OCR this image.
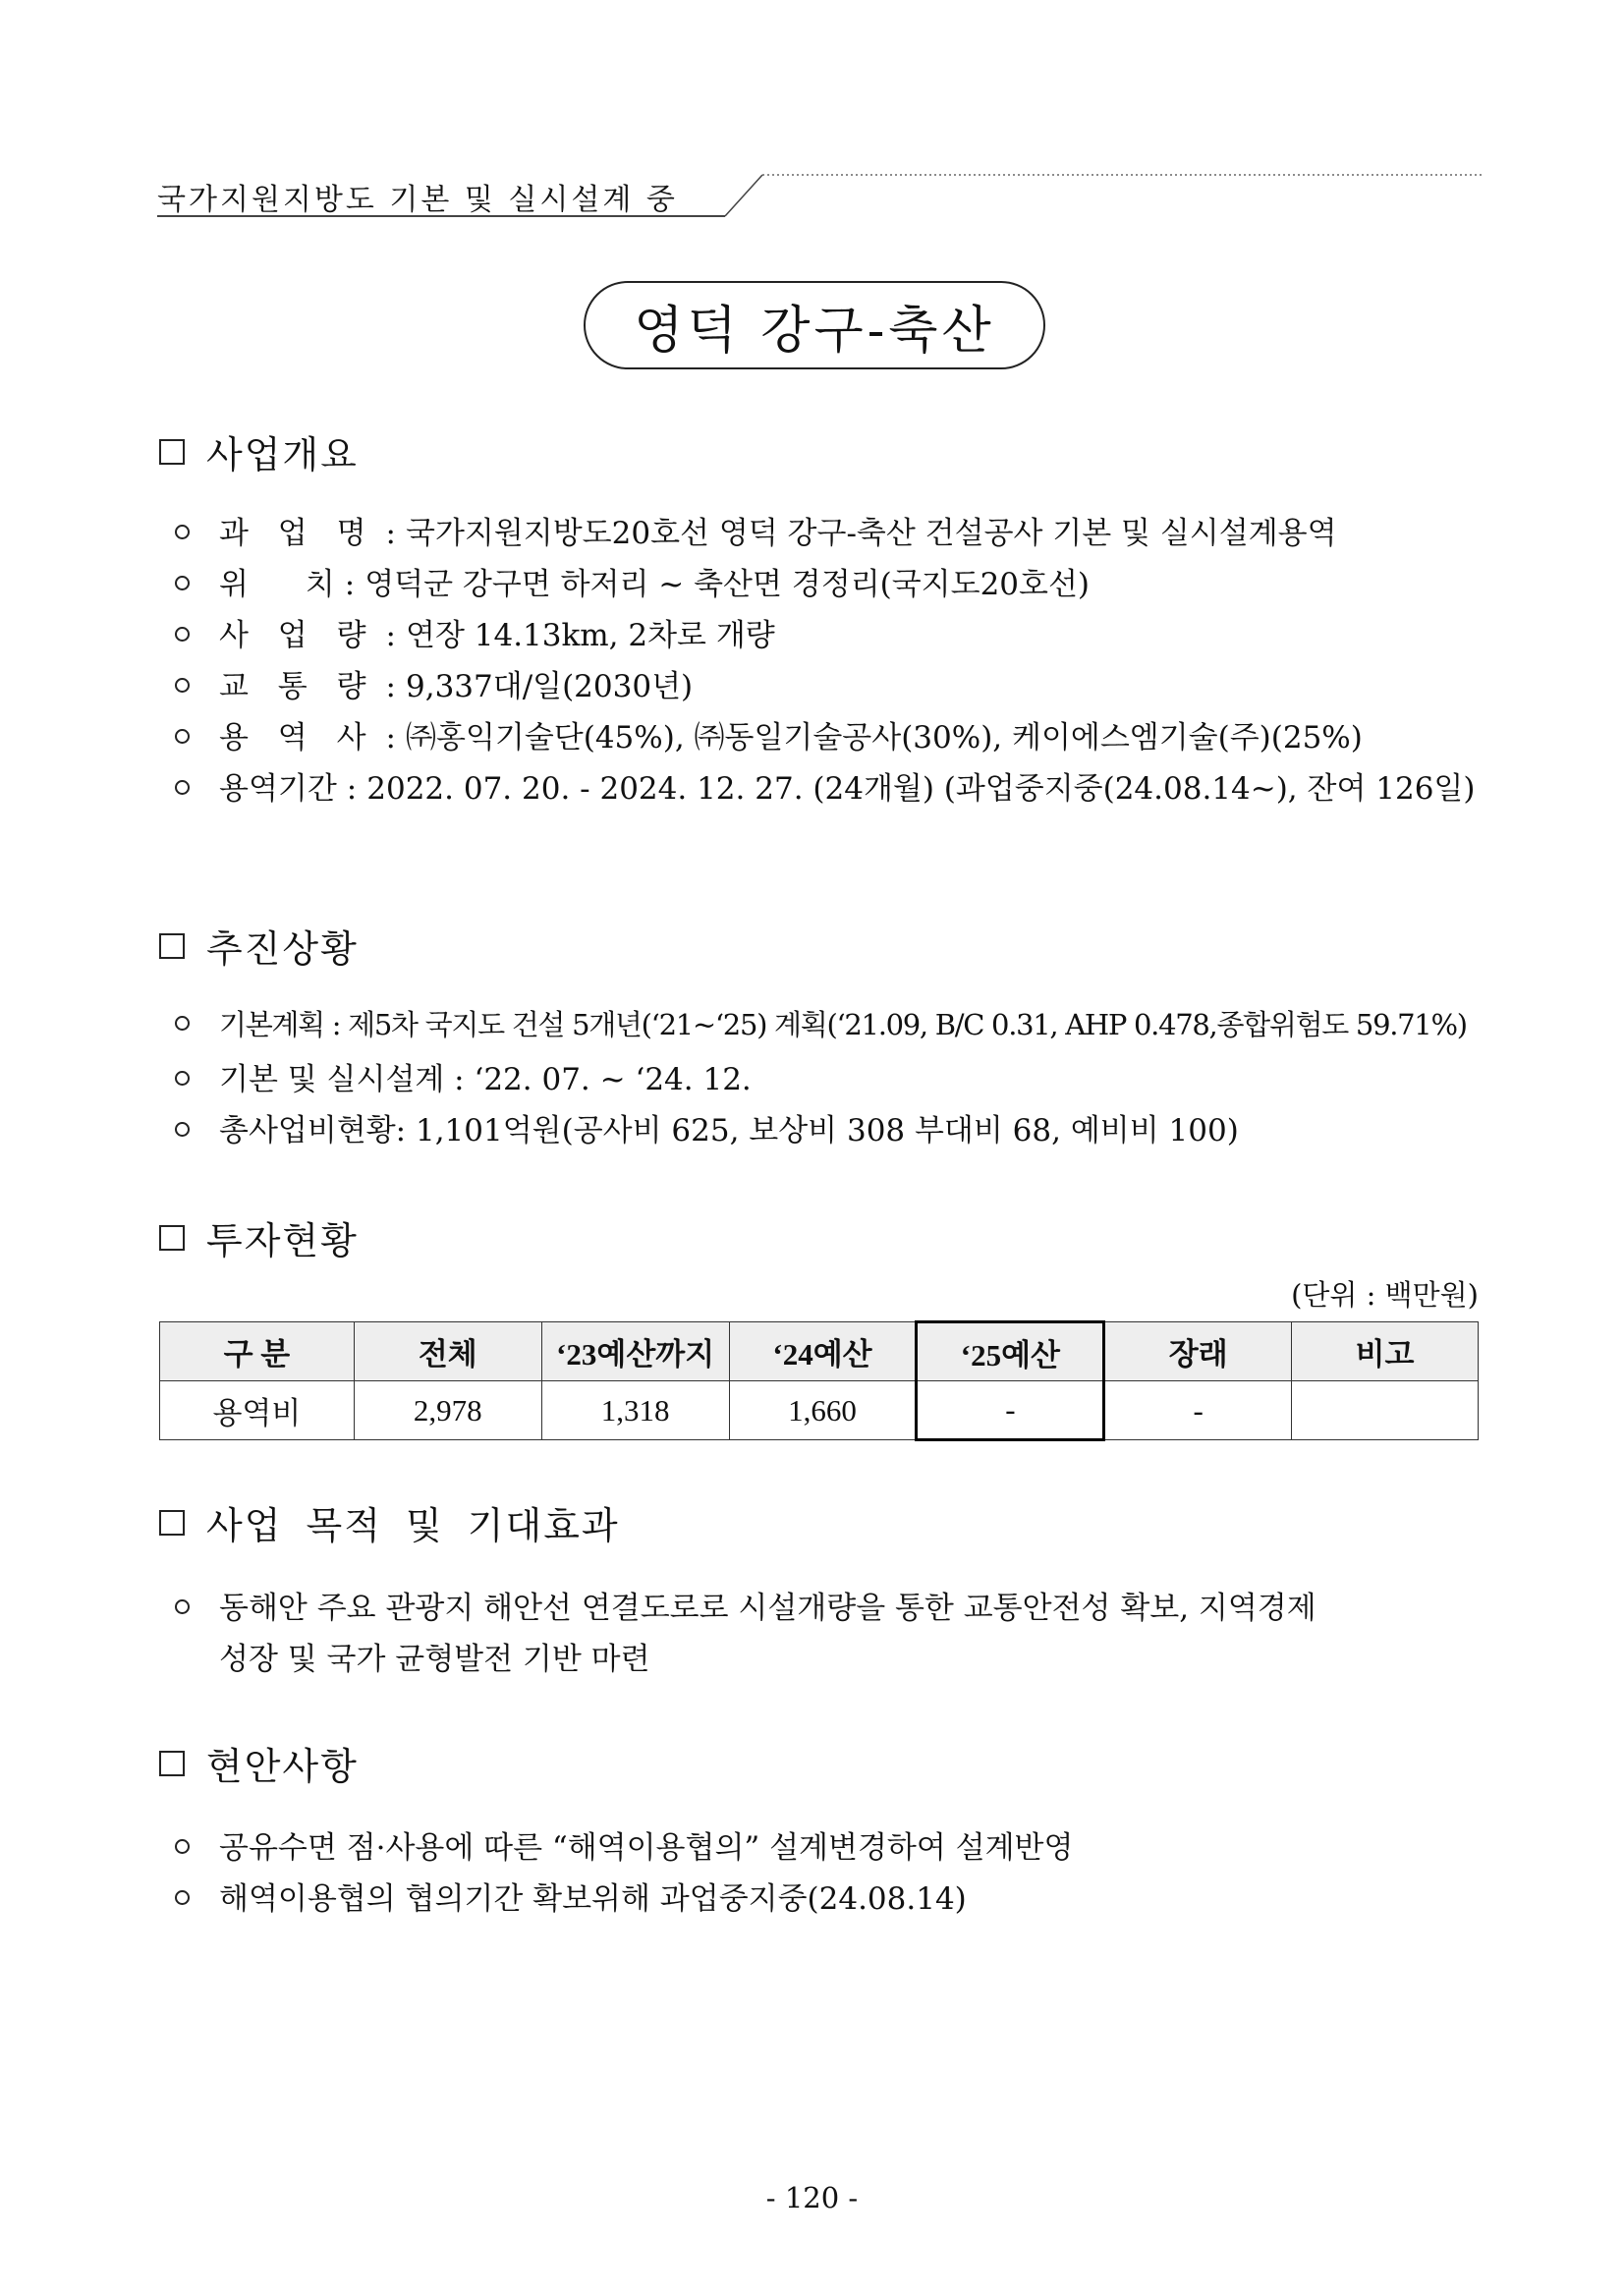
국가지원지방도 기본 및 실시설계 중
영덕 강구-축산
사업개요
과 업 명 : 국가지원지방도20호선 영덕 강구-축산 건설공사 기본 및 실시설계용역
위 치 : 영덕군 강구면 하저리 ~ 축산면 경정리(국지도20호선)
사 업 량 : 연장 14.13km, 2차로 개량
교 통 량 : 9,337대/일(2030년)
용 역 사 : ㈜홍익기술단(45%), ㈜동일기술공사(30%), 케이에스엠기술(주)(25%)
용역기간 : 2022. 07. 20. - 2024. 12. 27. (24개월) (과업중지중(24.08.14~), 잔여 126일)
추진상황
기본계획 : 제5차 국지도 건설 5개년(‘21~‘25) 계획(‘21.09, B/C 0.31, AHP 0.478,종합위험도 59.71%)
기본 및 실시설계 : ‘22. 07. ~ ‘24. 12.
총사업비현황: 1,101억원(공사비 625, 보상비 308 부대비 68, 예비비 100)
투자현황
(단위 : 백만원)
구 분	전체	‘23예산까지	‘24예산	‘25예산	장래	비고
용역비	2,978	1,318	1,660	-	-	
사업 목적 및 기대효과
동해안 주요 관광지 해안선 연결도로로 시설개량을 통한 교통안전성 확보, 지역경제
성장 및 국가 균형발전 기반 마련
현안사항
공유수면 점·사용에 따른 “해역이용협의” 설계변경하여 설계반영
해역이용협의 협의기간 확보위해 과업중지중(24.08.14)
- 120 -
